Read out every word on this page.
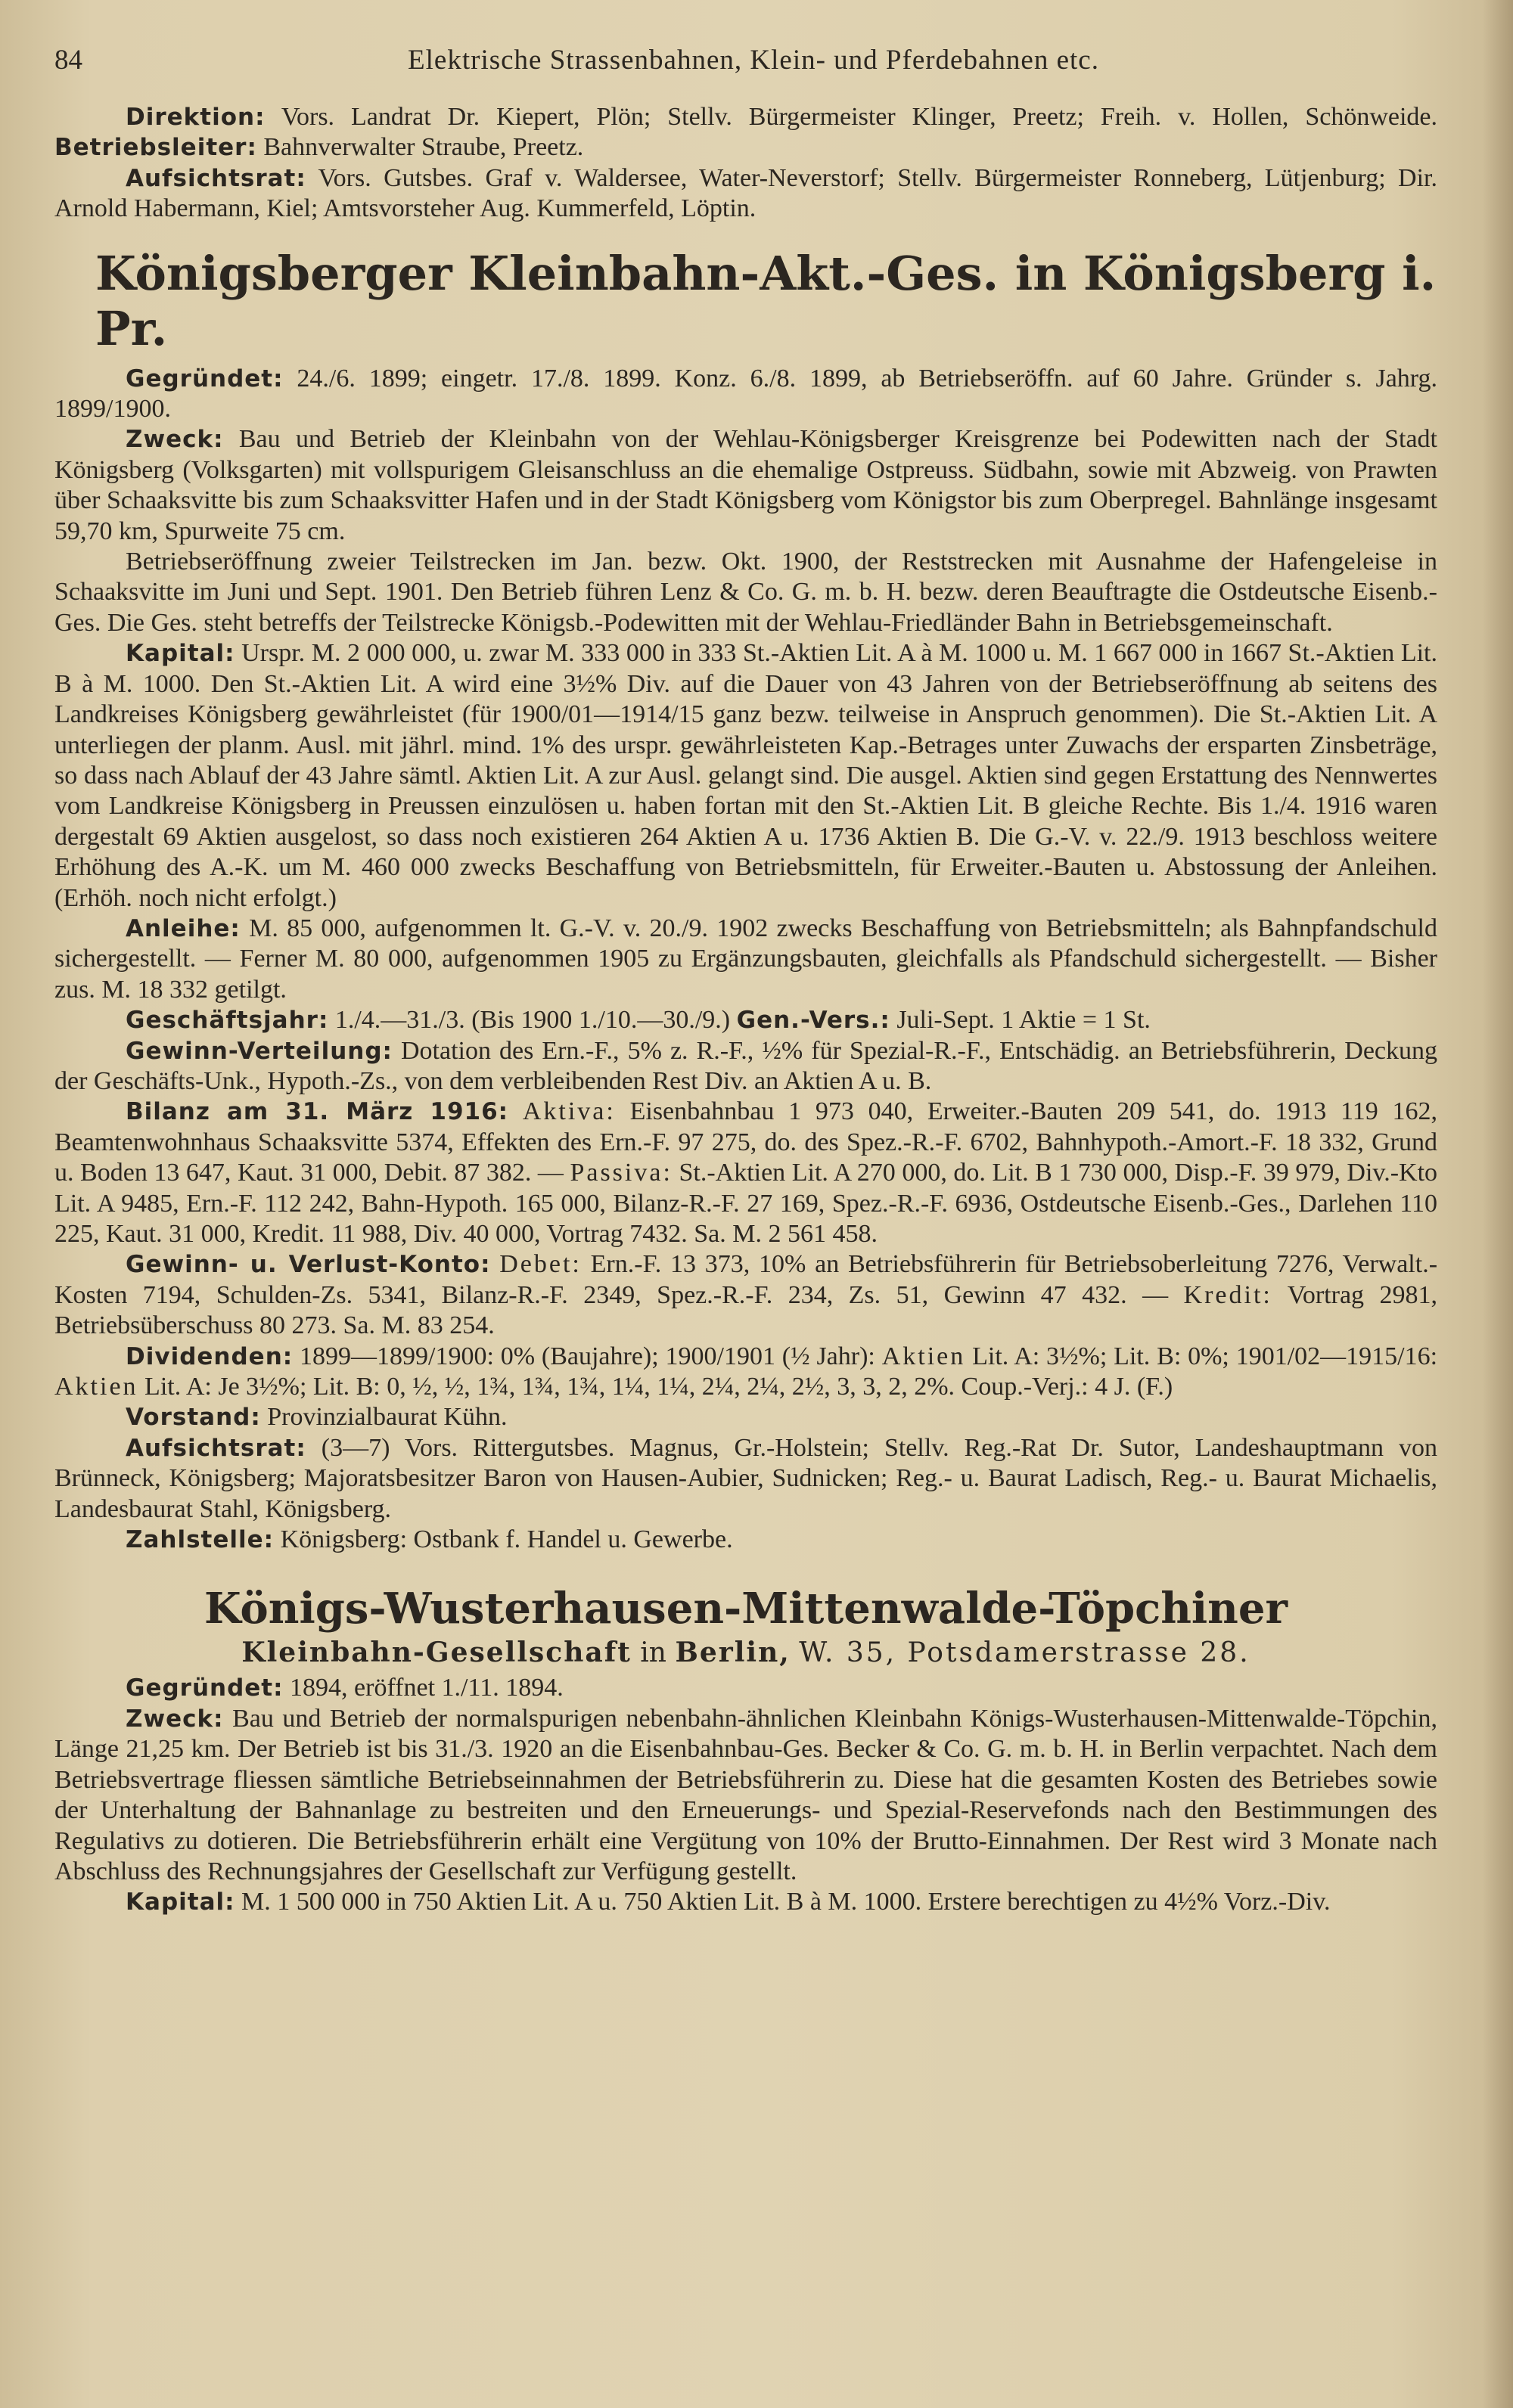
84	Elektrische Strassenbahnen, Klein- und Pferdebahnen etc.

Direktion: Vors. Landrat Dr. Kiepert, Plön; Stellv. Bürgermeister Klinger, Preetz; Freih. v. Hollen, Schönweide. Betriebsleiter: Bahnverwalter Straube, Preetz.

Aufsichtsrat: Vors. Gutsbes. Graf v. Waldersee, Water-Neverstorf; Stellv. Bürgermeister Ronneberg, Lütjenburg; Dir. Arnold Habermann, Kiel; Amtsvorsteher Aug. Kummerfeld, Löptin.

Königsberger Kleinbahn-Akt.-Ges. in Königsberg i. Pr.

Gegründet: 24./6. 1899; eingetr. 17./8. 1899. Konz. 6./8. 1899, ab Betriebseröffn. auf 60 Jahre. Gründer s. Jahrg. 1899/1900.

Zweck: Bau und Betrieb der Kleinbahn von der Wehlau-Königsberger Kreisgrenze bei Podewitten nach der Stadt Königsberg (Volksgarten) mit vollspurigem Gleisanschluss an die ehemalige Ostpreuss. Südbahn, sowie mit Abzweig. von Prawten über Schaaksvitte bis zum Schaaksvitter Hafen und in der Stadt Königsberg vom Königstor bis zum Oberpregel. Bahnlänge insgesamt 59,70 km, Spurweite 75 cm.

Betriebseröffnung zweier Teilstrecken im Jan. bezw. Okt. 1900, der Reststrecken mit Ausnahme der Hafengeleise in Schaaksvitte im Juni und Sept. 1901. Den Betrieb führen Lenz & Co. G. m. b. H. bezw. deren Beauftragte die Ostdeutsche Eisenb.-Ges. Die Ges. steht betreffs der Teilstrecke Königsb.-Podewitten mit der Wehlau-Friedländer Bahn in Betriebsgemeinschaft.

Kapital: Urspr. M. 2 000 000, u. zwar M. 333 000 in 333 St.-Aktien Lit. A à M. 1000 u. M. 1 667 000 in 1667 St.-Aktien Lit. B à M. 1000. Den St.-Aktien Lit. A wird eine 3½% Div. auf die Dauer von 43 Jahren von der Betriebseröffnung ab seitens des Landkreises Königsberg gewährleistet (für 1900/01—1914/15 ganz bezw. teilweise in Anspruch genommen). Die St.-Aktien Lit. A unterliegen der planm. Ausl. mit jährl. mind. 1% des urspr. gewährleisteten Kap.-Betrages unter Zuwachs der ersparten Zinsbeträge, so dass nach Ablauf der 43 Jahre sämtl. Aktien Lit. A zur Ausl. gelangt sind. Die ausgel. Aktien sind gegen Erstattung des Nennwertes vom Landkreise Königsberg in Preussen einzulösen u. haben fortan mit den St.-Aktien Lit. B gleiche Rechte. Bis 1./4. 1916 waren dergestalt 69 Aktien ausgelost, so dass noch existieren 264 Aktien A u. 1736 Aktien B. Die G.-V. v. 22./9. 1913 beschloss weitere Erhöhung des A.-K. um M. 460 000 zwecks Beschaffung von Betriebsmitteln, für Erweiter.-Bauten u. Abstossung der Anleihen. (Erhöh. noch nicht erfolgt.)

Anleihe: M. 85 000, aufgenommen lt. G.-V. v. 20./9. 1902 zwecks Beschaffung von Betriebsmitteln; als Bahnpfandschuld sichergestellt. — Ferner M. 80 000, aufgenommen 1905 zu Ergänzungsbauten, gleichfalls als Pfandschuld sichergestellt. — Bisher zus. M. 18 332 getilgt.

Geschäftsjahr: 1./4.—31./3. (Bis 1900 1./10.—30./9.) Gen.-Vers.: Juli-Sept. 1 Aktie = 1 St.

Gewinn-Verteilung: Dotation des Ern.-F., 5% z. R.-F., ½% für Spezial-R.-F., Entschädig. an Betriebsführerin, Deckung der Geschäfts-Unk., Hypoth.-Zs., von dem verbleibenden Rest Div. an Aktien A u. B.

Bilanz am 31. März 1916: Aktiva: Eisenbahnbau 1 973 040, Erweiter.-Bauten 209 541, do. 1913 119 162, Beamtenwohnhaus Schaaksvitte 5374, Effekten des Ern.-F. 97 275, do. des Spez.-R.-F. 6702, Bahnhypoth.-Amort.-F. 18 332, Grund u. Boden 13 647, Kaut. 31 000, Debit. 87 382. — Passiva: St.-Aktien Lit. A 270 000, do. Lit. B 1 730 000, Disp.-F. 39 979, Div.-Kto Lit. A 9485, Ern.-F. 112 242, Bahn-Hypoth. 165 000, Bilanz-R.-F. 27 169, Spez.-R.-F. 6936, Ostdeutsche Eisenb.-Ges., Darlehen 110 225, Kaut. 31 000, Kredit. 11 988, Div. 40 000, Vortrag 7432. Sa. M. 2 561 458.

Gewinn- u. Verlust-Konto: Debet: Ern.-F. 13 373, 10% an Betriebsführerin für Betriebsoberleitung 7276, Verwalt.-Kosten 7194, Schulden-Zs. 5341, Bilanz-R.-F. 2349, Spez.-R.-F. 234, Zs. 51, Gewinn 47 432. — Kredit: Vortrag 2981, Betriebsüberschuss 80 273. Sa. M. 83 254.

Dividenden: 1899—1899/1900: 0% (Baujahre); 1900/1901 (½ Jahr): Aktien Lit. A: 3½%; Lit. B: 0%; 1901/02—1915/16: Aktien Lit. A: Je 3½%; Lit. B: 0, ½, ½, 1¾, 1¾, 1¾, 1¼, 1¼, 2¼, 2¼, 2½, 3, 3, 2, 2%. Coup.-Verj.: 4 J. (F.)

Vorstand: Provinzialbaurat Kühn.

Aufsichtsrat: (3—7) Vors. Rittergutsbes. Magnus, Gr.-Holstein; Stellv. Reg.-Rat Dr. Sutor, Landeshauptmann von Brünneck, Königsberg; Majoratsbesitzer Baron von Hausen-Aubier, Sudnicken; Reg.- u. Baurat Ladisch, Reg.- u. Baurat Michaelis, Landesbaurat Stahl, Königsberg.

Zahlstelle: Königsberg: Ostbank f. Handel u. Gewerbe.

Königs-Wusterhausen-Mittenwalde-Töpchiner
Kleinbahn-Gesellschaft in Berlin, W. 35, Potsdamerstrasse 28.

Gegründet: 1894, eröffnet 1./11. 1894.

Zweck: Bau und Betrieb der normalspurigen nebenbahn-ähnlichen Kleinbahn Königs-Wusterhausen-Mittenwalde-Töpchin, Länge 21,25 km. Der Betrieb ist bis 31./3. 1920 an die Eisenbahnbau-Ges. Becker & Co. G. m. b. H. in Berlin verpachtet. Nach dem Betriebsvertrage fliessen sämtliche Betriebseinnahmen der Betriebsführerin zu. Diese hat die gesamten Kosten des Betriebes sowie der Unterhaltung der Bahnanlage zu bestreiten und den Erneuerungs- und Spezial-Reservefonds nach den Bestimmungen des Regulativs zu dotieren. Die Betriebsführerin erhält eine Vergütung von 10% der Brutto-Einnahmen. Der Rest wird 3 Monate nach Abschluss des Rechnungsjahres der Gesellschaft zur Verfügung gestellt.

Kapital: M. 1 500 000 in 750 Aktien Lit. A u. 750 Aktien Lit. B à M. 1000. Erstere berechtigen zu 4½% Vorz.-Div.
